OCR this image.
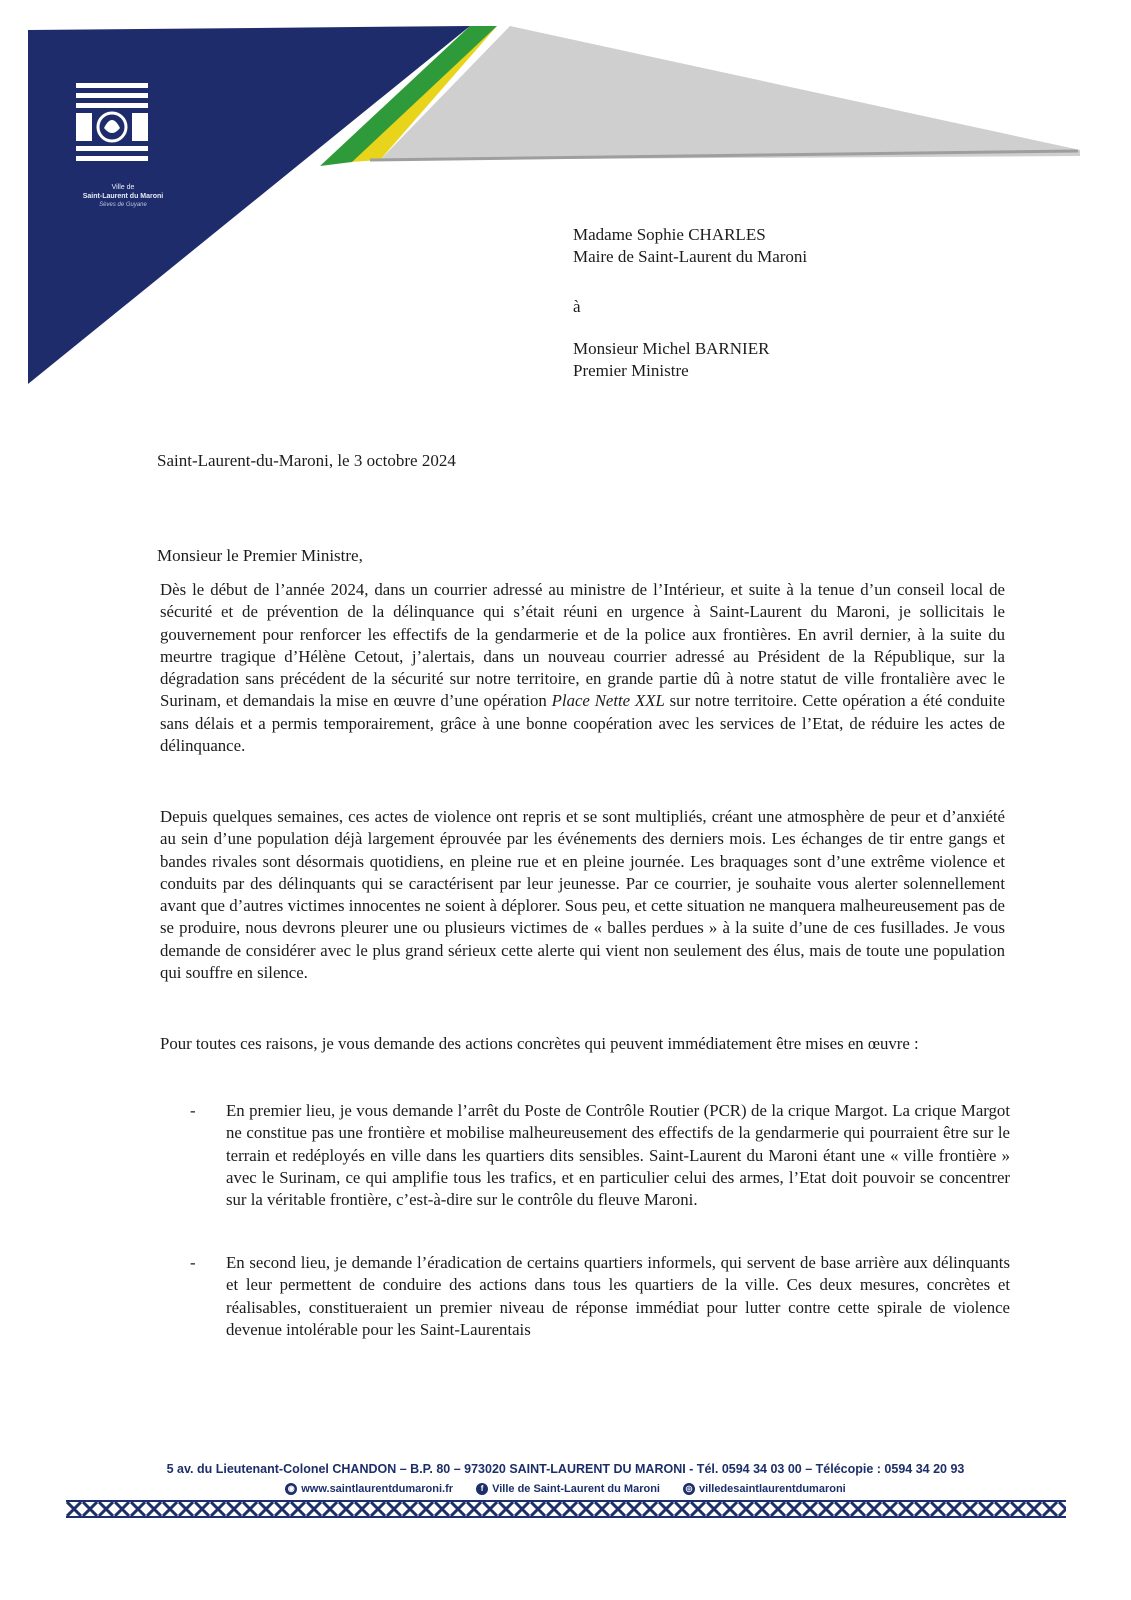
Ville de
Saint-Laurent du Maroni
Sèves de Guyane
Madame Sophie CHARLES
Maire de Saint-Laurent du Maroni
à
Monsieur Michel BARNIER
Premier Ministre
Saint-Laurent-du-Maroni, le 3 octobre 2024
Monsieur le Premier Ministre,
Dès le début de l’année 2024, dans un courrier adressé au ministre de l’Intérieur, et suite à la tenue d’un conseil local de sécurité et de prévention de la délinquance qui s’était réuni en urgence à Saint-Laurent du Maroni, je sollicitais le gouvernement pour renforcer les effectifs de la gendarmerie et de la police aux frontières. En avril dernier, à la suite du meurtre tragique d’Hélène Cetout, j’alertais, dans un nouveau courrier adressé au Président de la République, sur la dégradation sans précédent de la sécurité sur notre territoire, en grande partie dû à notre statut de ville frontalière avec le Surinam, et demandais la mise en œuvre d’une opération Place Nette XXL sur notre territoire. Cette opération a été conduite sans délais et a permis temporairement, grâce à une bonne coopération avec les services de l’Etat, de réduire les actes de délinquance.
Depuis quelques semaines, ces actes de violence ont repris et se sont multipliés, créant une atmosphère de peur et d’anxiété au sein d’une population déjà largement éprouvée par les événements des derniers mois. Les échanges de tir entre gangs et bandes rivales sont désormais quotidiens, en pleine rue et en pleine journée. Les braquages sont d’une extrême violence et conduits par des délinquants qui se caractérisent par leur jeunesse. Par ce courrier, je souhaite vous alerter solennellement avant que d’autres victimes innocentes ne soient à déplorer. Sous peu, et cette situation ne manquera malheureusement pas de se produire, nous devrons pleurer une ou plusieurs victimes de « balles perdues » à la suite d’une de ces fusillades. Je vous demande de considérer avec le plus grand sérieux cette alerte qui vient non seulement des élus, mais de toute une population qui souffre en silence.
Pour toutes ces raisons, je vous demande des actions concrètes qui peuvent immédiatement être mises en œuvre :
- En premier lieu, je vous demande l’arrêt du Poste de Contrôle Routier (PCR) de la crique Margot. La crique Margot ne constitue pas une frontière et mobilise malheureusement des effectifs de la gendarmerie qui pourraient être sur le terrain et redéployés en ville dans les quartiers dits sensibles. Saint-Laurent du Maroni étant une « ville frontière » avec le Surinam, ce qui amplifie tous les trafics, et en particulier celui des armes, l’Etat doit pouvoir se concentrer sur la véritable frontière, c’est-à-dire sur le contrôle du fleuve Maroni.
- En second lieu, je demande l’éradication de certains quartiers informels, qui servent de base arrière aux délinquants et leur permettent de conduire des actions dans tous les quartiers de la ville. Ces deux mesures, concrètes et réalisables, constitueraient un premier niveau de réponse immédiat pour lutter contre cette spirale de violence devenue intolérable pour les Saint-Laurentais
5 av. du Lieutenant-Colonel CHANDON – B.P. 80 – 973020 SAINT-LAURENT DU MARONI - Tél. 0594 34 03 00 – Télécopie : 0594 34 20 93
◉ www.saintlaurentdumaroni.fr
	f Ville de Saint-Laurent du Maroni
	◎ villedesaintlaurentdumaroni
